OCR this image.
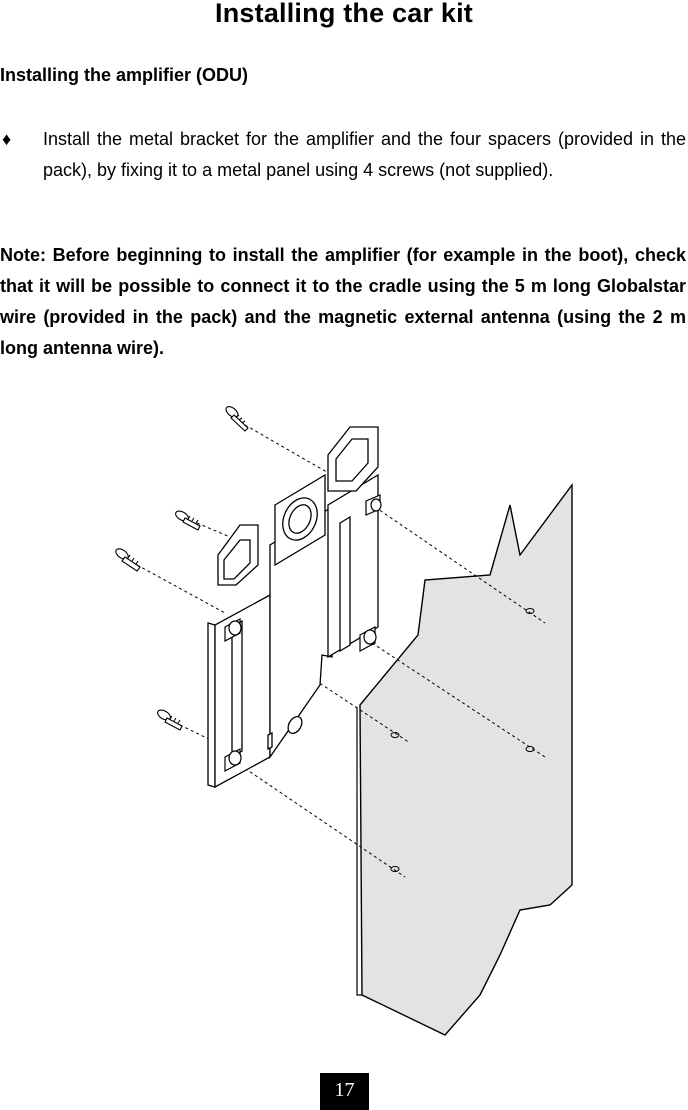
Installing the car kit
Installing the amplifier (ODU)
♦ Install the metal bracket for the amplifier and the four spacers (provided in the pack), by fixing it to a metal panel using 4 screws (not supplied).
Note: Before beginning to install the amplifier (for example in the boot), check that it will be possible to connect it to the cradle using the 5 m long Globalstar wire (provided in the pack) and the magnetic external antenna (using the 2 m long antenna wire).
17
